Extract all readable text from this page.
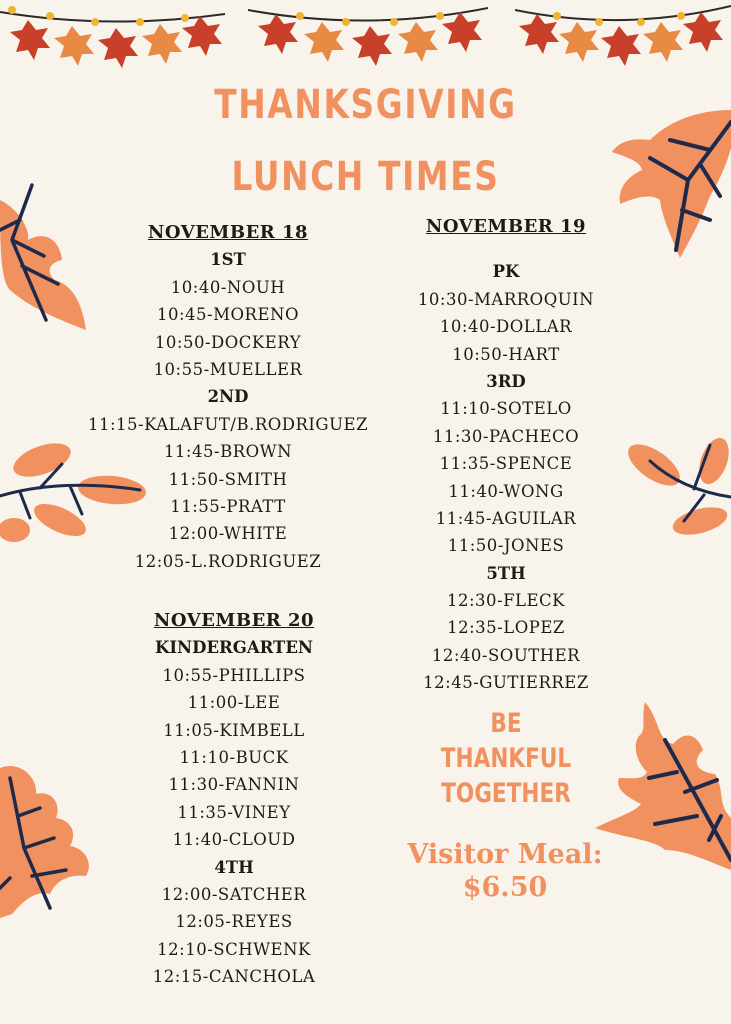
THANKSGIVING
LUNCH TIMES
NOVEMBER 18
1ST
10:40-NOUH
10:45-MORENO
10:50-DOCKERY
10:55-MUELLER
2ND
11:15-KALAFUT/B.RODRIGUEZ
11:45-BROWN
11:50-SMITH
11:55-PRATT
12:00-WHITE
12:05-L.RODRIGUEZ
NOVEMBER 20
KINDERGARTEN
10:55-PHILLIPS
11:00-LEE
11:05-KIMBELL
11:10-BUCK
11:30-FANNIN
11:35-VINEY
11:40-CLOUD
4TH
12:00-SATCHER
12:05-REYES
12:10-SCHWENK
12:15-CANCHOLA
NOVEMBER 19
PK
10:30-MARROQUIN
10:40-DOLLAR
10:50-HART
3RD
11:10-SOTELO
11:30-PACHECO
11:35-SPENCE
11:40-WONG
11:45-AGUILAR
11:50-JONES
5TH
12:30-FLECK
12:35-LOPEZ
12:40-SOUTHER
12:45-GUTIERREZ
BE
THANKFUL
TOGETHER
Visitor Meal:
$6.50
